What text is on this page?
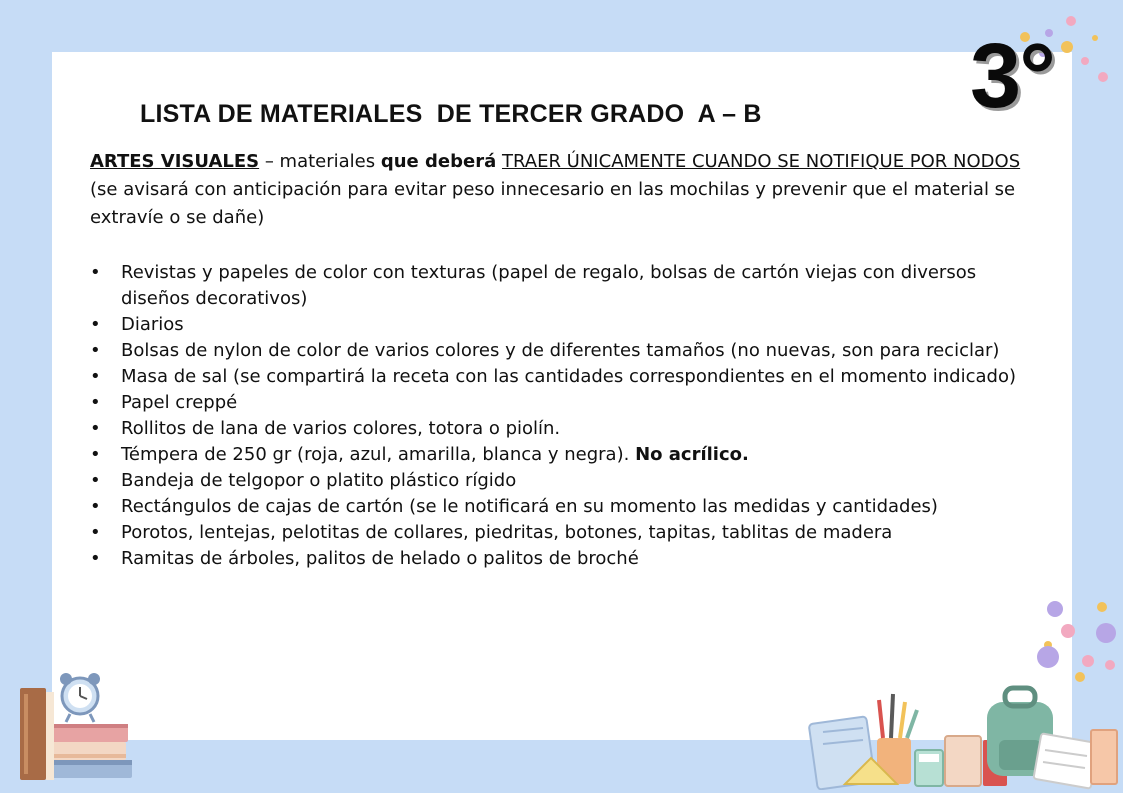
LISTA DE MATERIALES  DE TERCER GRADO  A – B 3°

ARTES VISUALES – materiales que deberá TRAER ÚNICAMENTE CUANDO SE NOTIFIQUE POR NODOS (se avisará con anticipación para evitar peso innecesario en las mochilas y prevenir que el material se extravíe o se dañe)

• Revistas y papeles de color con texturas (papel de regalo, bolsas de cartón viejas con diversos diseños decorativos)
• Diarios
• Bolsas de nylon de color de varios colores y de diferentes tamaños (no nuevas, son para reciclar)
• Masa de sal (se compartirá la receta con las cantidades correspondientes en el momento indicado)
• Papel creppé
• Rollitos de lana de varios colores, totora o piolín.
• Témpera de 250 gr (roja, azul, amarilla, blanca y negra). No acrílico.
• Bandeja de telgopor o platito plástico rígido
• Rectángulos de cajas de cartón (se le notificará en su momento las medidas y cantidades)
• Porotos, lentejas, pelotitas de collares, piedritas, botones, tapitas, tablitas de madera
• Ramitas de árboles, palitos de helado o palitos de broché
